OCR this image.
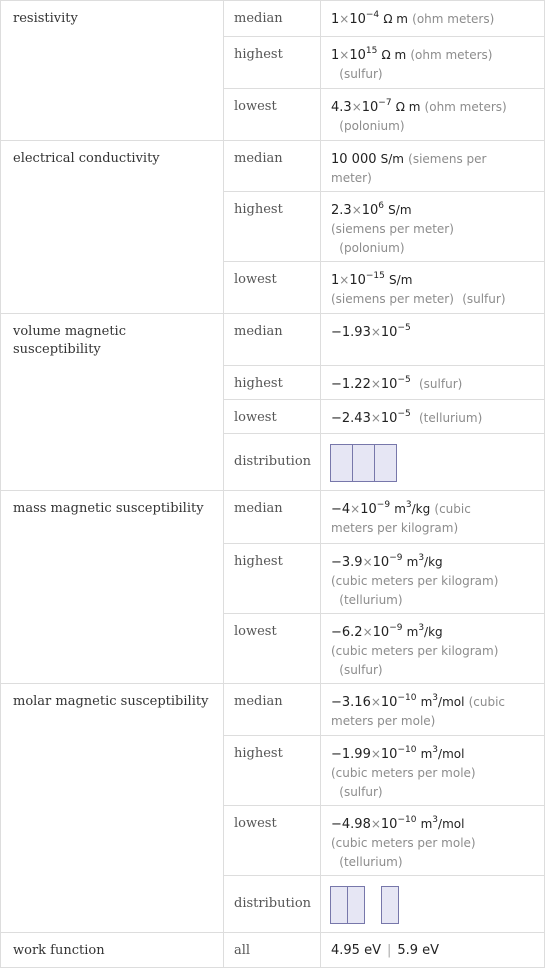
resistivity	median	$1\times 10^{-4}$ Ω m (ohm meters)
highest	$1\times 10^{15}$ Ω m (ohm meters)
(sulfur)
lowest	$4.3\times 10^{-7}$ Ω m (ohm meters)
(polonium)
electrical conductivity	median	10 000 S/m (siemens per
meter)
highest	$2.3\times 10^6$ S/m
(siemens per meter)
(polonium)
lowest	$1\times 10^{-15}$ S/m
(siemens per meter) (sulfur)
volume magnetic
susceptibility
median	$-1.93\times 10^{-5}$
highest	$-1.22\times 10^{-5}$ (sulfur)
lowest	$-2.43\times 10^{-5}$ (tellurium)
distribution
mass magnetic susceptibility	median	$-4\times 10^{-9}$ $m^3/kg$ (cubic
meters per kilogram)
highest	$-3.9\times 10^{-9}$ $m^3/kg$
(cubic meters per kilogram)
(tellurium)
lowest	$-6.2\times 10^{-9}$ $m^3/kg$
(cubic meters per kilogram)
(sulfur)
molar magnetic susceptibility	median	$-3.16\times 10^{-10}$ $m^3$/mol (cubic
meters per mole)
highest	$-1.99\times 10^{-10}$ $m^3$/mol
(cubic meters per mole)
(sulfur)
lowest	$-4.98\times 10^{-10}$ $m^3$/mol
(cubic meters per mole)
(tellurium)
distribution
work function	all	4.95 eV | 5.9 eV
